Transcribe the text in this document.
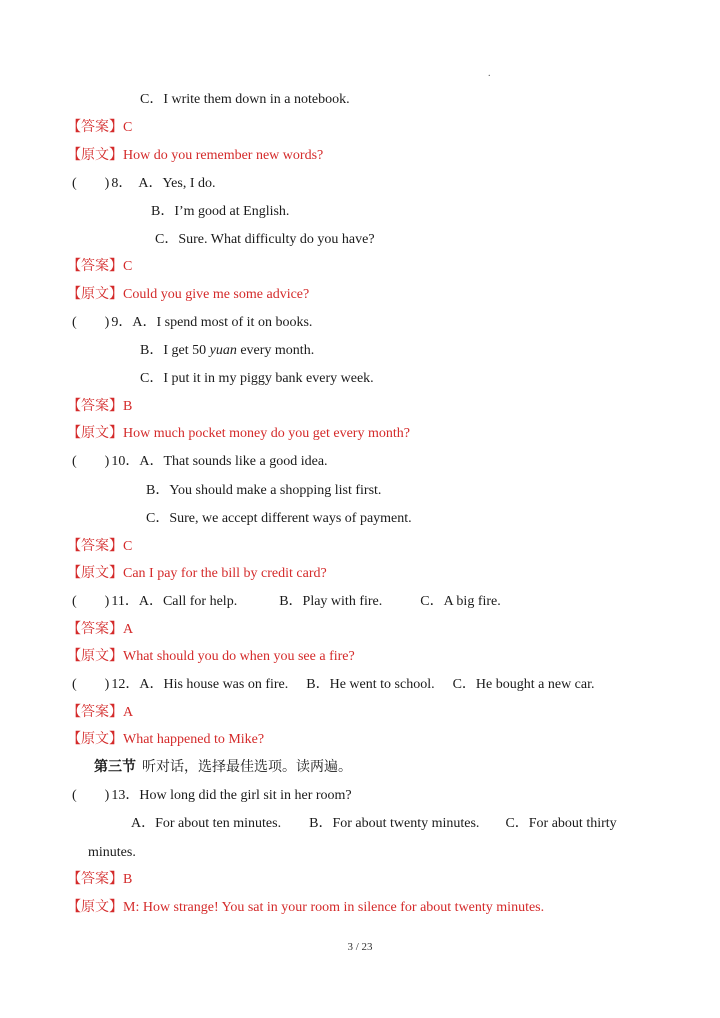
.
C．I write them down in a notebook.
【答案】C
【原文】How do you remember new words?
( ) 8． A．Yes, I do.
B．I’m good at English.
C．Sure. What difficulty do you have?
【答案】C
【原文】Could you give me some advice?
( ) 9．A．I spend most of it on books.
B．I get 50 yuan every month.
C．I put it in my piggy bank every week.
【答案】B
【原文】How much pocket money do you get every month?
( ) 10．A．That sounds like a good idea.
B．You should make a shopping list first.
C．Sure, we accept different ways of payment.
【答案】C
【原文】Can I pay for the bill by credit card?
( ) 11．A．Call for help.	B．Play with fire.	C．A big fire.
【答案】A
【原文】What should you do when you see a fire?
( ) 12．A．His house was on fire. B．He went to school. C．He bought a new car.
【答案】A
【原文】What happened to Mike?
第三节 听对话，选择最佳选项。读两遍。
( ) 13．How long did the girl sit in her room?
A．For about ten minutes. B．For about twenty minutes. C．For about thirty
minutes.
【答案】B
【原文】M: How strange! You sat in your room in silence for about twenty minutes.
3 / 23
